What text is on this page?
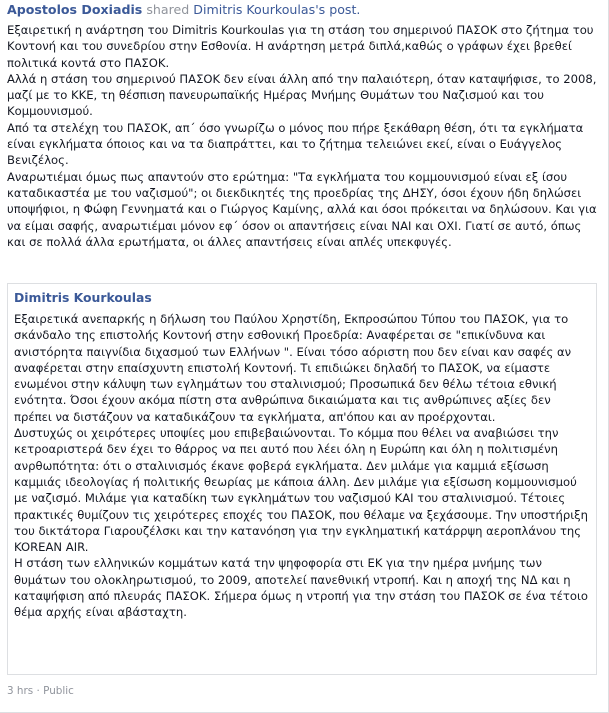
Apostolos Doxiadis shared Dimitris Kourkoulas's post.

Εξαιρετική η ανάρτηση του Dimitris Kourkoulas για τη στάση του σημερινού ΠΑΣΟΚ στο ζήτημα του Κοντονή και του συνεδρίου στην Εσθονία. Η ανάρτηση μετρά διπλά,καθώς ο γράφων έχει βρεθεί πολιτικά κοντά στο ΠΑΣΟΚ.

Αλλά η στάση του σημερινού ΠΑΣΟΚ δεν είναι άλλη από την παλαιότερη, όταν καταψήφισε, το 2008, μαζί με το ΚΚΕ, τη θέσπιση πανευρωπαϊκής Ημέρας Μνήμης Θυμάτων του Ναζισμού και του Κομμουνισμού.

Από τα στελέχη του ΠΑΣΟΚ, απ΄ όσο γνωρίζω ο μόνος που πήρε ξεκάθαρη θέση, ότι τα εγκλήματα είναι εγκλήματα όποιος και να τα διαπράττει, και το ζήτημα τελειώνει εκεί, είναι ο Ευάγγελος Βενιζέλος.

Αναρωτιέμαι όμως πως απαντούν στο ερώτημα: "Τα εγκλήματα του κομμουνισμού είναι εξ ίσου καταδικαστέα με του ναζισμού"; οι διεκδικητές της προεδρίας της ΔΗΣΥ, όσοι έχουν ήδη δηλώσει υποψήφιοι, η Φώφη Γεννηματά και ο Γιώργος Καμίνης, αλλά και όσοι πρόκειται να δηλώσουν. Και για να είμαι σαφής, αναρωτιέμαι μόνον εφ΄ όσον οι απαντήσεις είναι ΝΑΙ και ΟΧΙ. Γιατί σε αυτό, όπως και σε πολλά άλλα ερωτήματα, οι άλλες απαντήσεις είναι απλές υπεκφυγές.

Dimitris Kourkoulas

Εξαιρετικά ανεπαρκής η δήλωση του Παύλου Χρηστίδη, Εκπροσώπου Τύπου του ΠΑΣΟΚ, για το σκάνδαλο της επιστολής Κοντονή στην εσθονική Προεδρία: Αναφέρεται σε "επικίνδυνα και ανιστόρητα παιγνίδια διχασμού των Ελλήνων ". Είναι τόσο αόριστη που δεν είναι καν σαφές αν αναφέρεται στην επαίσχυντη επιστολή Κοντονή. Τι επιδιώκει δηλαδή το ΠΑΣΟΚ, να είμαστε ενωμένοι στην κάλυψη των εγλημάτων του σταλινισμού; Προσωπικά δεν θέλω τέτοια εθνική ενότητα. Όσοι έχουν ακόμα πίστη στα ανθρώπινα δικαιώματα και τις ανθρώπινες αξίες δεν πρέπει να διστάζουν να καταδικάζουν τα εγκλήματα, απ'όπου και αν προέρχονται.

Δυστυχώς οι χειρότερες υποψίες μου επιβεβαιώνονται. Το κόμμα που θέλει να αναβιώσει την κετροαριστερά δεν έχει το θάρρος να πει αυτό που λέει όλη η Ευρώπη και όλη η πολιτισμένη ανρθωπότητα: ότι ο σταλινισμός έκανε φοβερά εγκλήματα. Δεν μιλάμε για καμμιά εξίσωση καμμιάς ιδεολογίας ή πολιτικής θεωρίας με κάποια άλλη. Δεν μιλάμε για εξίσωση κομμουνισμού με ναζισμό. Μιλάμε για καταδίκη των εγκλημάτων του ναζισμού ΚΑΙ του σταλινισμού. Τέτοιες πρακτικές θυμίζουν τις χειρότερες εποχές του ΠΑΣΟΚ, που θέλαμε να ξεχάσουμε. Την υποστήριξη του δικτάτορα Γιαρουζέλσκι και την κατανόηση για την εγκληματική κατάρρψη αεροπλάνου της KOREAN AIR.

Η στάση των ελληνικών κομμάτων κατά την ψηφοφορία στι ΕΚ για την ημέρα μνήμης των θυμάτων του ολοκληρωτισμού, το 2009, αποτελεί πανεθνική ντροπή. Και η αποχή της ΝΔ και η καταψήφιση από πλευράς ΠΑΣΟΚ. Σήμερα όμως η ντροπή για την στάση του ΠΑΣΟΚ σε ένα τέτοιο θέμα αρχής είναι αβάσταχτη.

3 hrs · Public
